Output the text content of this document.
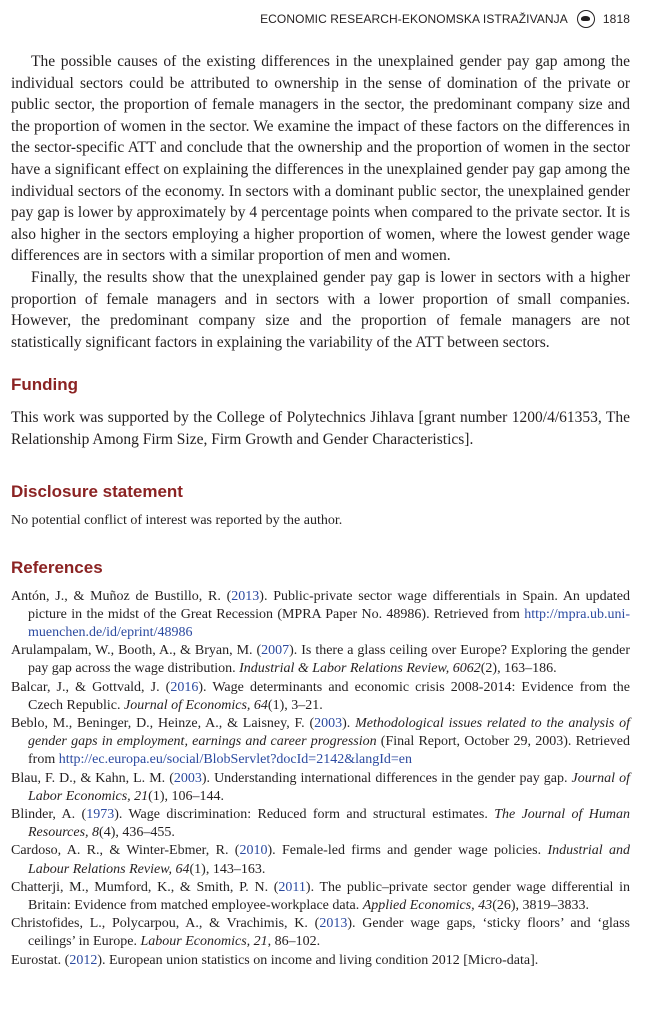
ECONOMIC RESEARCH-EKONOMSKA ISTRAŽIVANJA	1818

The possible causes of the existing differences in the unexplained gender pay gap among the individual sectors could be attributed to ownership in the sense of domination of the private or public sector, the proportion of female managers in the sector, the predominant company size and the proportion of women in the sector. We examine the impact of these factors on the differences in the sector-specific ATT and conclude that the ownership and the proportion of women in the sector have a significant effect on explaining the differences in the unexplained gender pay gap among the individual sectors of the economy. In sectors with a dominant public sector, the unexplained gender pay gap is lower by approximately by 4 percentage points when compared to the private sector. It is also higher in the sectors employing a higher proportion of women, where the lowest gender wage differences are in sectors with a similar proportion of men and women.

Finally, the results show that the unexplained gender pay gap is lower in sectors with a higher proportion of female managers and in sectors with a lower proportion of small companies. However, the predominant company size and the proportion of female managers are not statistically significant factors in explaining the variability of the ATT between sectors.

Funding

This work was supported by the College of Polytechnics Jihlava [grant number 1200/4/61353, The Relationship Among Firm Size, Firm Growth and Gender Characteristics].

Disclosure statement

No potential conflict of interest was reported by the author.

References
Antón, J., & Muñoz de Bustillo, R. (2013). Public-private sector wage differentials in Spain. An updated picture in the midst of the Great Recession (MPRA Paper No. 48986). Retrieved from http://mpra.ub.uni-muenchen.de/id/eprint/48986
Arulampalam, W., Booth, A., & Bryan, M. (2007). Is there a glass ceiling over Europe? Exploring the gender pay gap across the wage distribution. Industrial & Labor Relations Review, 6062(2), 163–186.
Balcar, J., & Gottvald, J. (2016). Wage determinants and economic crisis 2008-2014: Evidence from the Czech Republic. Journal of Economics, 64(1), 3–21.
Beblo, M., Beninger, D., Heinze, A., & Laisney, F. (2003). Methodological issues related to the analysis of gender gaps in employment, earnings and career progression (Final Report, October 29, 2003). Retrieved from http://ec.europa.eu/social/BlobServlet?docId=2142&langId=en
Blau, F. D., & Kahn, L. M. (2003). Understanding international differences in the gender pay gap. Journal of Labor Economics, 21(1), 106–144.
Blinder, A. (1973). Wage discrimination: Reduced form and structural estimates. The Journal of Human Resources, 8(4), 436–455.
Cardoso, A. R., & Winter-Ebmer, R. (2010). Female-led firms and gender wage policies. Industrial and Labour Relations Review, 64(1), 143–163.
Chatterji, M., Mumford, K., & Smith, P. N. (2011). The public–private sector gender wage differential in Britain: Evidence from matched employee-workplace data. Applied Economics, 43(26), 3819–3833.
Christofides, L., Polycarpou, A., & Vrachimis, K. (2013). Gender wage gaps, ‘sticky floors’ and ‘glass ceilings’ in Europe. Labour Economics, 21, 86–102.
Eurostat. (2012). European union statistics on income and living condition 2012 [Micro-data].
